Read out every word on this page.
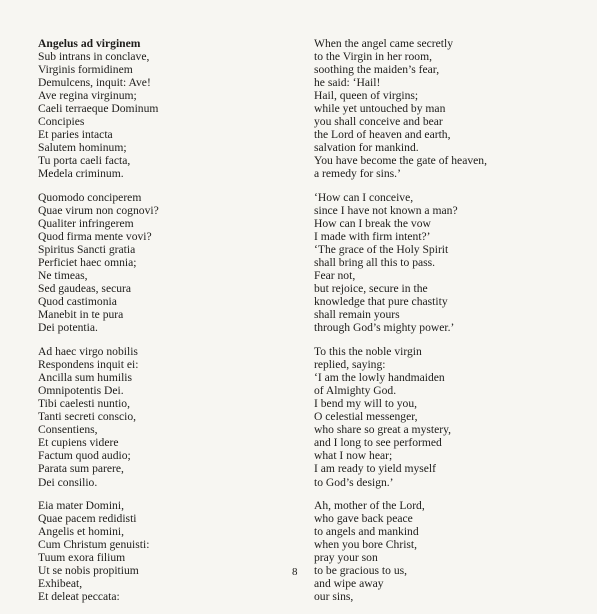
Angelus ad virginem
Sub intrans in conclave,
Virginis formidinem
Demulcens, inquit: Ave!
Ave regina virginum;
Caeli terraeque Dominum
Concipies
Et paries intacta
Salutem hominum;
Tu porta caeli facta,
Medela criminum.
Quomodo conciperem
Quae virum non cognovi?
Qualiter infringerem
Quod firma mente vovi?
Spiritus Sancti gratia
Perficiet haec omnia;
Ne timeas,
Sed gaudeas, secura
Quod castimonia
Manebit in te pura
Dei potentia.
Ad haec virgo nobilis
Respondens inquit ei:
Ancilla sum humilis
Omnipotentis Dei.
Tibi caelesti nuntio,
Tanti secreti conscio,
Consentiens,
Et cupiens videre
Factum quod audio;
Parata sum parere,
Dei consilio.
Eia mater Domini,
Quae pacem redidisti
Angelis et homini,
Cum Christum genuisti:
Tuum exora filium
Ut se nobis propitium
Exhibeat,
Et deleat peccata:
When the angel came secretly
to the Virgin in her room,
soothing the maiden’s fear,
he said: ‘Hail!
Hail, queen of virgins;
while yet untouched by man
you shall conceive and bear
the Lord of heaven and earth,
salvation for mankind.
You have become the gate of heaven,
a remedy for sins.’
‘How can I conceive,
since I have not known a man?
How can I break the vow
I made with firm intent?’
‘The grace of the Holy Spirit
shall bring all this to pass.
Fear not,
but rejoice, secure in the
knowledge that pure chastity
shall remain yours
through God’s mighty power.’
To this the noble virgin
replied, saying:
‘I am the lowly handmaiden
of Almighty God.
I bend my will to you,
O celestial messenger,
who share so great a mystery,
and I long to see performed
what I now hear;
I am ready to yield myself
to God’s design.’
Ah, mother of the Lord,
who gave back peace
to angels and mankind
when you bore Christ,
pray your son
to be gracious to us,
and wipe away
our sins,
8
